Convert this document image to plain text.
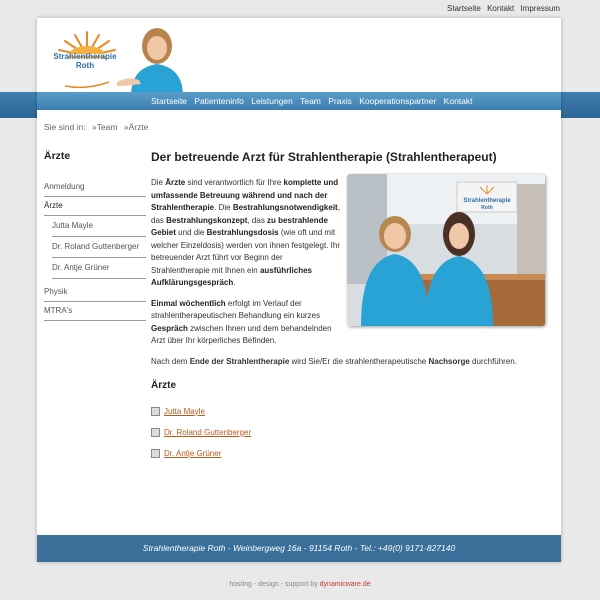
Startseite Kontakt Impressum
Strahlentherapie
Roth
Startseite Patienteninfo Leistungen Team Praxis Kooperationspartner Kontakt
Sie sind in: »Team »Ärzte
Ärzte
Anmeldung
Ärzte
Jutta Mayle
Dr. Roland Guttenberger
Dr. Antje Grüner
Physik
MTRA's
Der betreuende Arzt für Strahlentherapie (Strahlentherapeut)
Die Ärzte sind verantwortlich für Ihre komplette und umfassende Betreuung während und nach der Strahlentherapie. Die Bestrahlungsnotwendigkeit, das Bestrahlungskonzept, das zu bestrahlende Gebiet und die Bestrahlungsdosis (wie oft und mit welcher Einzeldosis) werden von ihnen festgelegt. Ihr betreuender Arzt führt vor Beginn der Strahlentherapie mit Ihnen ein ausführliches Aufklärungsgespräch.
Einmal wöchentlich erfolgt im Verlauf der strahlentherapeutischen Behandlung ein kurzes Gespräch zwischen Ihnen und dem behandelnden Arzt über Ihr körperliches Befinden.
Strahlentherapie
Roth
Nach dem Ende der Strahlentherapie wird Sie/Er die strahlentherapeutische Nachsorge durchführen.
Ärzte
Jutta Mayle
Dr. Roland Guttenberger
Dr. Antje Grüner
Strahlentherapie Roth - Weinbergweg 16a - 91154 Roth - Tel.: +49(0) 9171-827140
hosting - design - support by dynamicware.de
